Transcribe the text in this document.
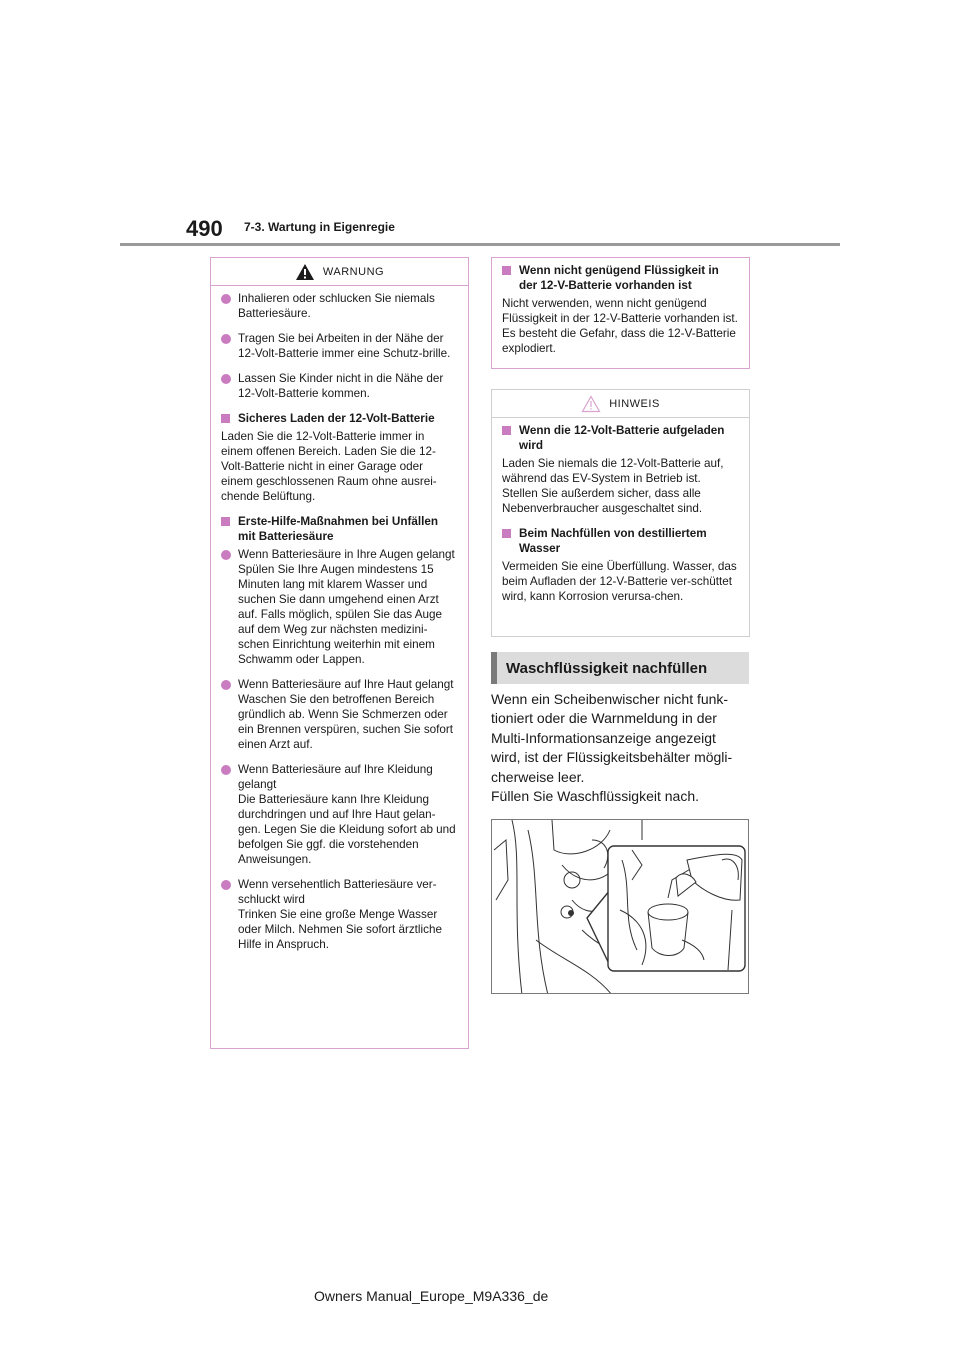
490 7-3. Wartung in Eigenregie
WARNUNG
Inhalieren oder schlucken Sie niemals Batteriesäure.
Tragen Sie bei Arbeiten in der Nähe der 12-Volt-Batterie immer eine Schutz-brille.
Lassen Sie Kinder nicht in die Nähe der 12-Volt-Batterie kommen.
Sicheres Laden der 12-Volt-Batterie
Laden Sie die 12-Volt-Batterie immer in einem offenen Bereich. Laden Sie die 12-Volt-Batterie nicht in einer Garage oder einem geschlossenen Raum ohne ausrei-chende Belüftung.
Erste-Hilfe-Maßnahmen bei Unfällen mit Batteriesäure
Wenn Batteriesäure in Ihre Augen gelangt
Spülen Sie Ihre Augen mindestens 15 Minuten lang mit klarem Wasser und suchen Sie dann umgehend einen Arzt auf. Falls möglich, spülen Sie das Auge auf dem Weg zur nächsten medizini-schen Einrichtung weiterhin mit einem Schwamm oder Lappen.
Wenn Batteriesäure auf Ihre Haut gelangt
Waschen Sie den betroffenen Bereich gründlich ab. Wenn Sie Schmerzen oder ein Brennen verspüren, suchen Sie sofort einen Arzt auf.
Wenn Batteriesäure auf Ihre Kleidung gelangt
Die Batteriesäure kann Ihre Kleidung durchdringen und auf Ihre Haut gelan-gen. Legen Sie die Kleidung sofort ab und befolgen Sie ggf. die vorstehenden Anweisungen.
Wenn versehentlich Batteriesäure ver-schluckt wird
Trinken Sie eine große Menge Wasser oder Milch. Nehmen Sie sofort ärztliche Hilfe in Anspruch.
Wenn nicht genügend Flüssigkeit in der 12-V-Batterie vorhanden ist
Nicht verwenden, wenn nicht genügend Flüssigkeit in der 12-V-Batterie vorhanden ist. Es besteht die Gefahr, dass die 12-V-Batterie explodiert.
HINWEIS
Wenn die 12-Volt-Batterie aufgeladen wird
Laden Sie niemals die 12-Volt-Batterie auf, während das EV-System in Betrieb ist. Stellen Sie außerdem sicher, dass alle Nebenverbraucher ausgeschaltet sind.
Beim Nachfüllen von destilliertem Wasser
Vermeiden Sie eine Überfüllung. Wasser, das beim Aufladen der 12-V-Batterie ver-schüttet wird, kann Korrosion verursa-chen.
Waschflüssigkeit nachfüllen
Wenn ein Scheibenwischer nicht funk-
tioniert oder die Warnmeldung in der
Multi-Informationsanzeige angezeigt
wird, ist der Flüssigkeitsbehälter mögli-
cherweise leer.
Füllen Sie Waschflüssigkeit nach.
Owners Manual_Europe_M9A336_de
